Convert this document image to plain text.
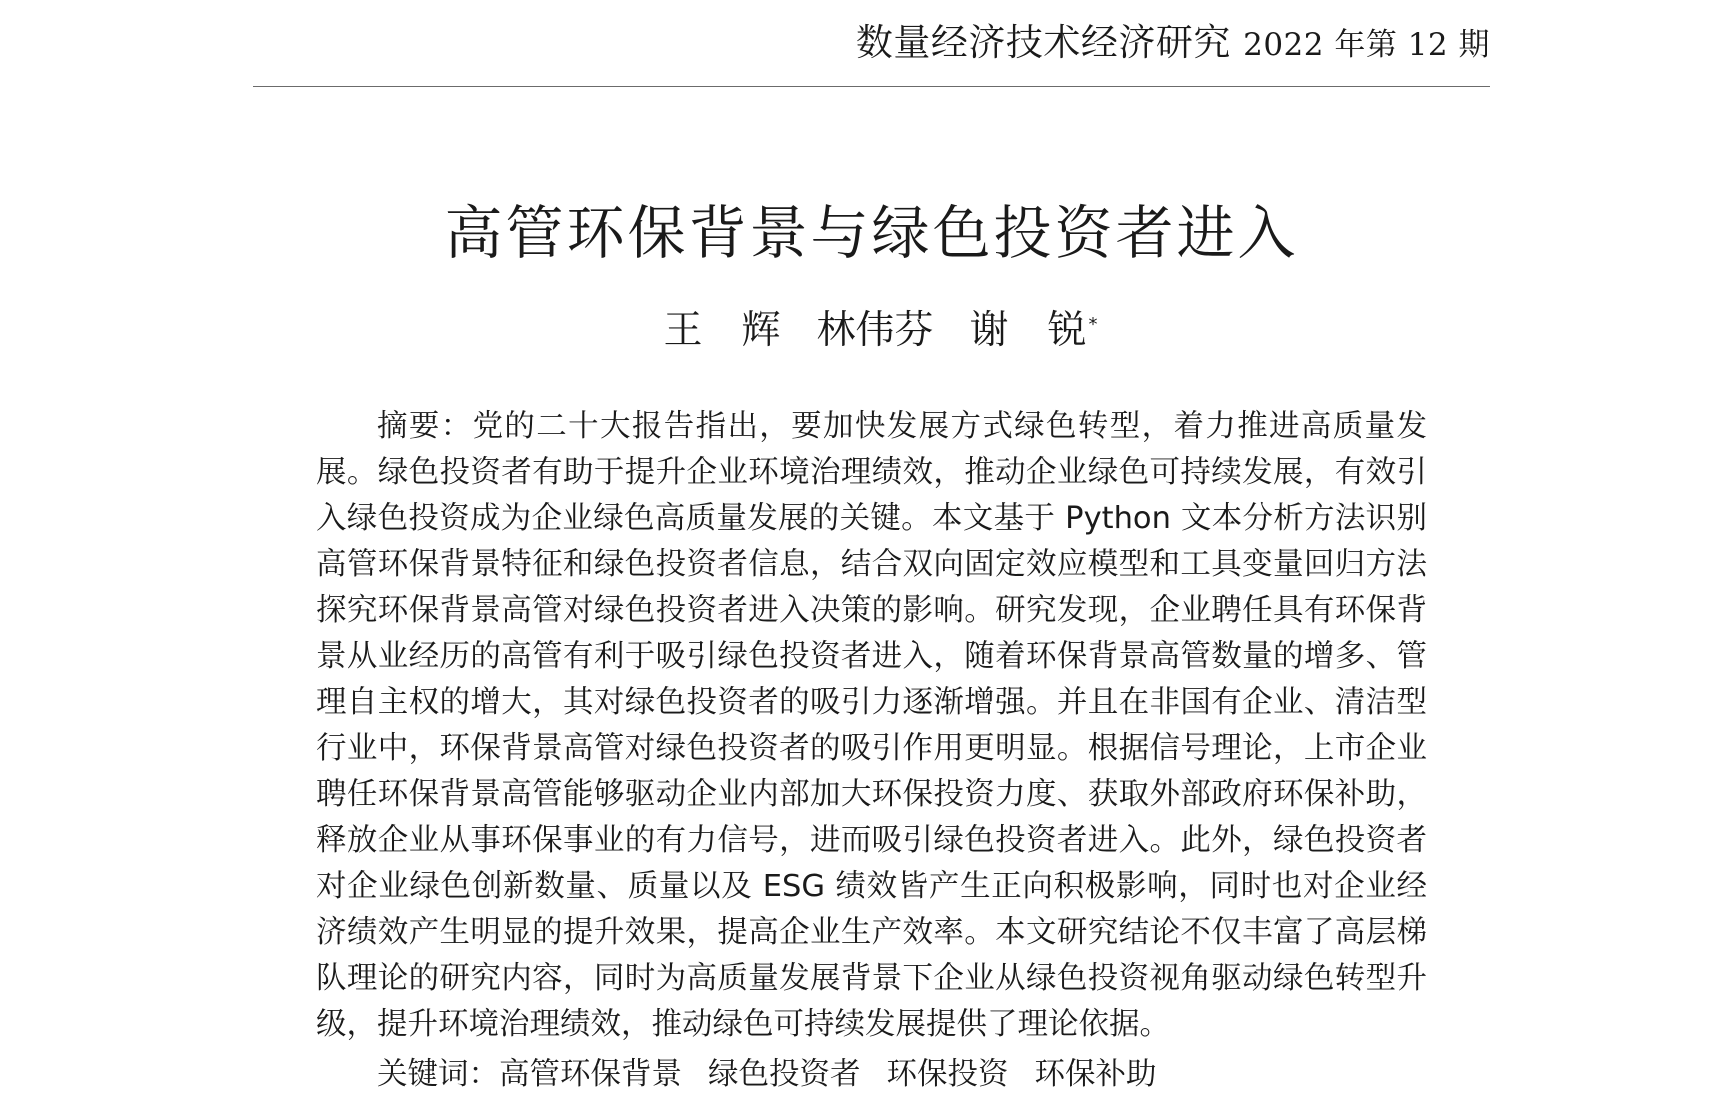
数量经济技术经济研究 2022 年第 12 期
高管环保背景与绿色投资者进入
王　辉 林伟芬 谢　锐 *

摘要：党的二十大报告指出，要加快发展方式绿色转型，着力推进高质量发展。绿色投资者有助于提升企业环境治理绩效，推动企业绿色可持续发展，有效引入绿色投资成为企业绿色高质量发展的关键。本文基于 Python 文本分析方法识别高管环保背景特征和绿色投资者信息，结合双向固定效应模型和工具变量回归方法探究环保背景高管对绿色投资者进入决策的影响。研究发现，企业聘任具有环保背景从业经历的高管有利于吸引绿色投资者进入，随着环保背景高管数量的增多、管理自主权的增大，其对绿色投资者的吸引力逐渐增强。并且在非国有企业、清洁型行业中，环保背景高管对绿色投资者的吸引作用更明显。根据信号理论，上市企业聘任环保背景高管能够驱动企业内部加大环保投资力度、获取外部政府环保补助，释放企业从事环保事业的有力信号，进而吸引绿色投资者进入。此外，绿色投资者对企业绿色创新数量、质量以及 ESG 绩效皆产生正向积极影响，同时也对企业经济绩效产生明显的提升效果，提高企业生产效率。本文研究结论不仅丰富了高层梯队理论的研究内容，同时为高质量发展背景下企业从绿色投资视角驱动绿色转型升级，提升环境治理绩效，推动绿色可持续发展提供了理论依据。

关键词：高管环保背景 绿色投资者 环保投资 环保补助
